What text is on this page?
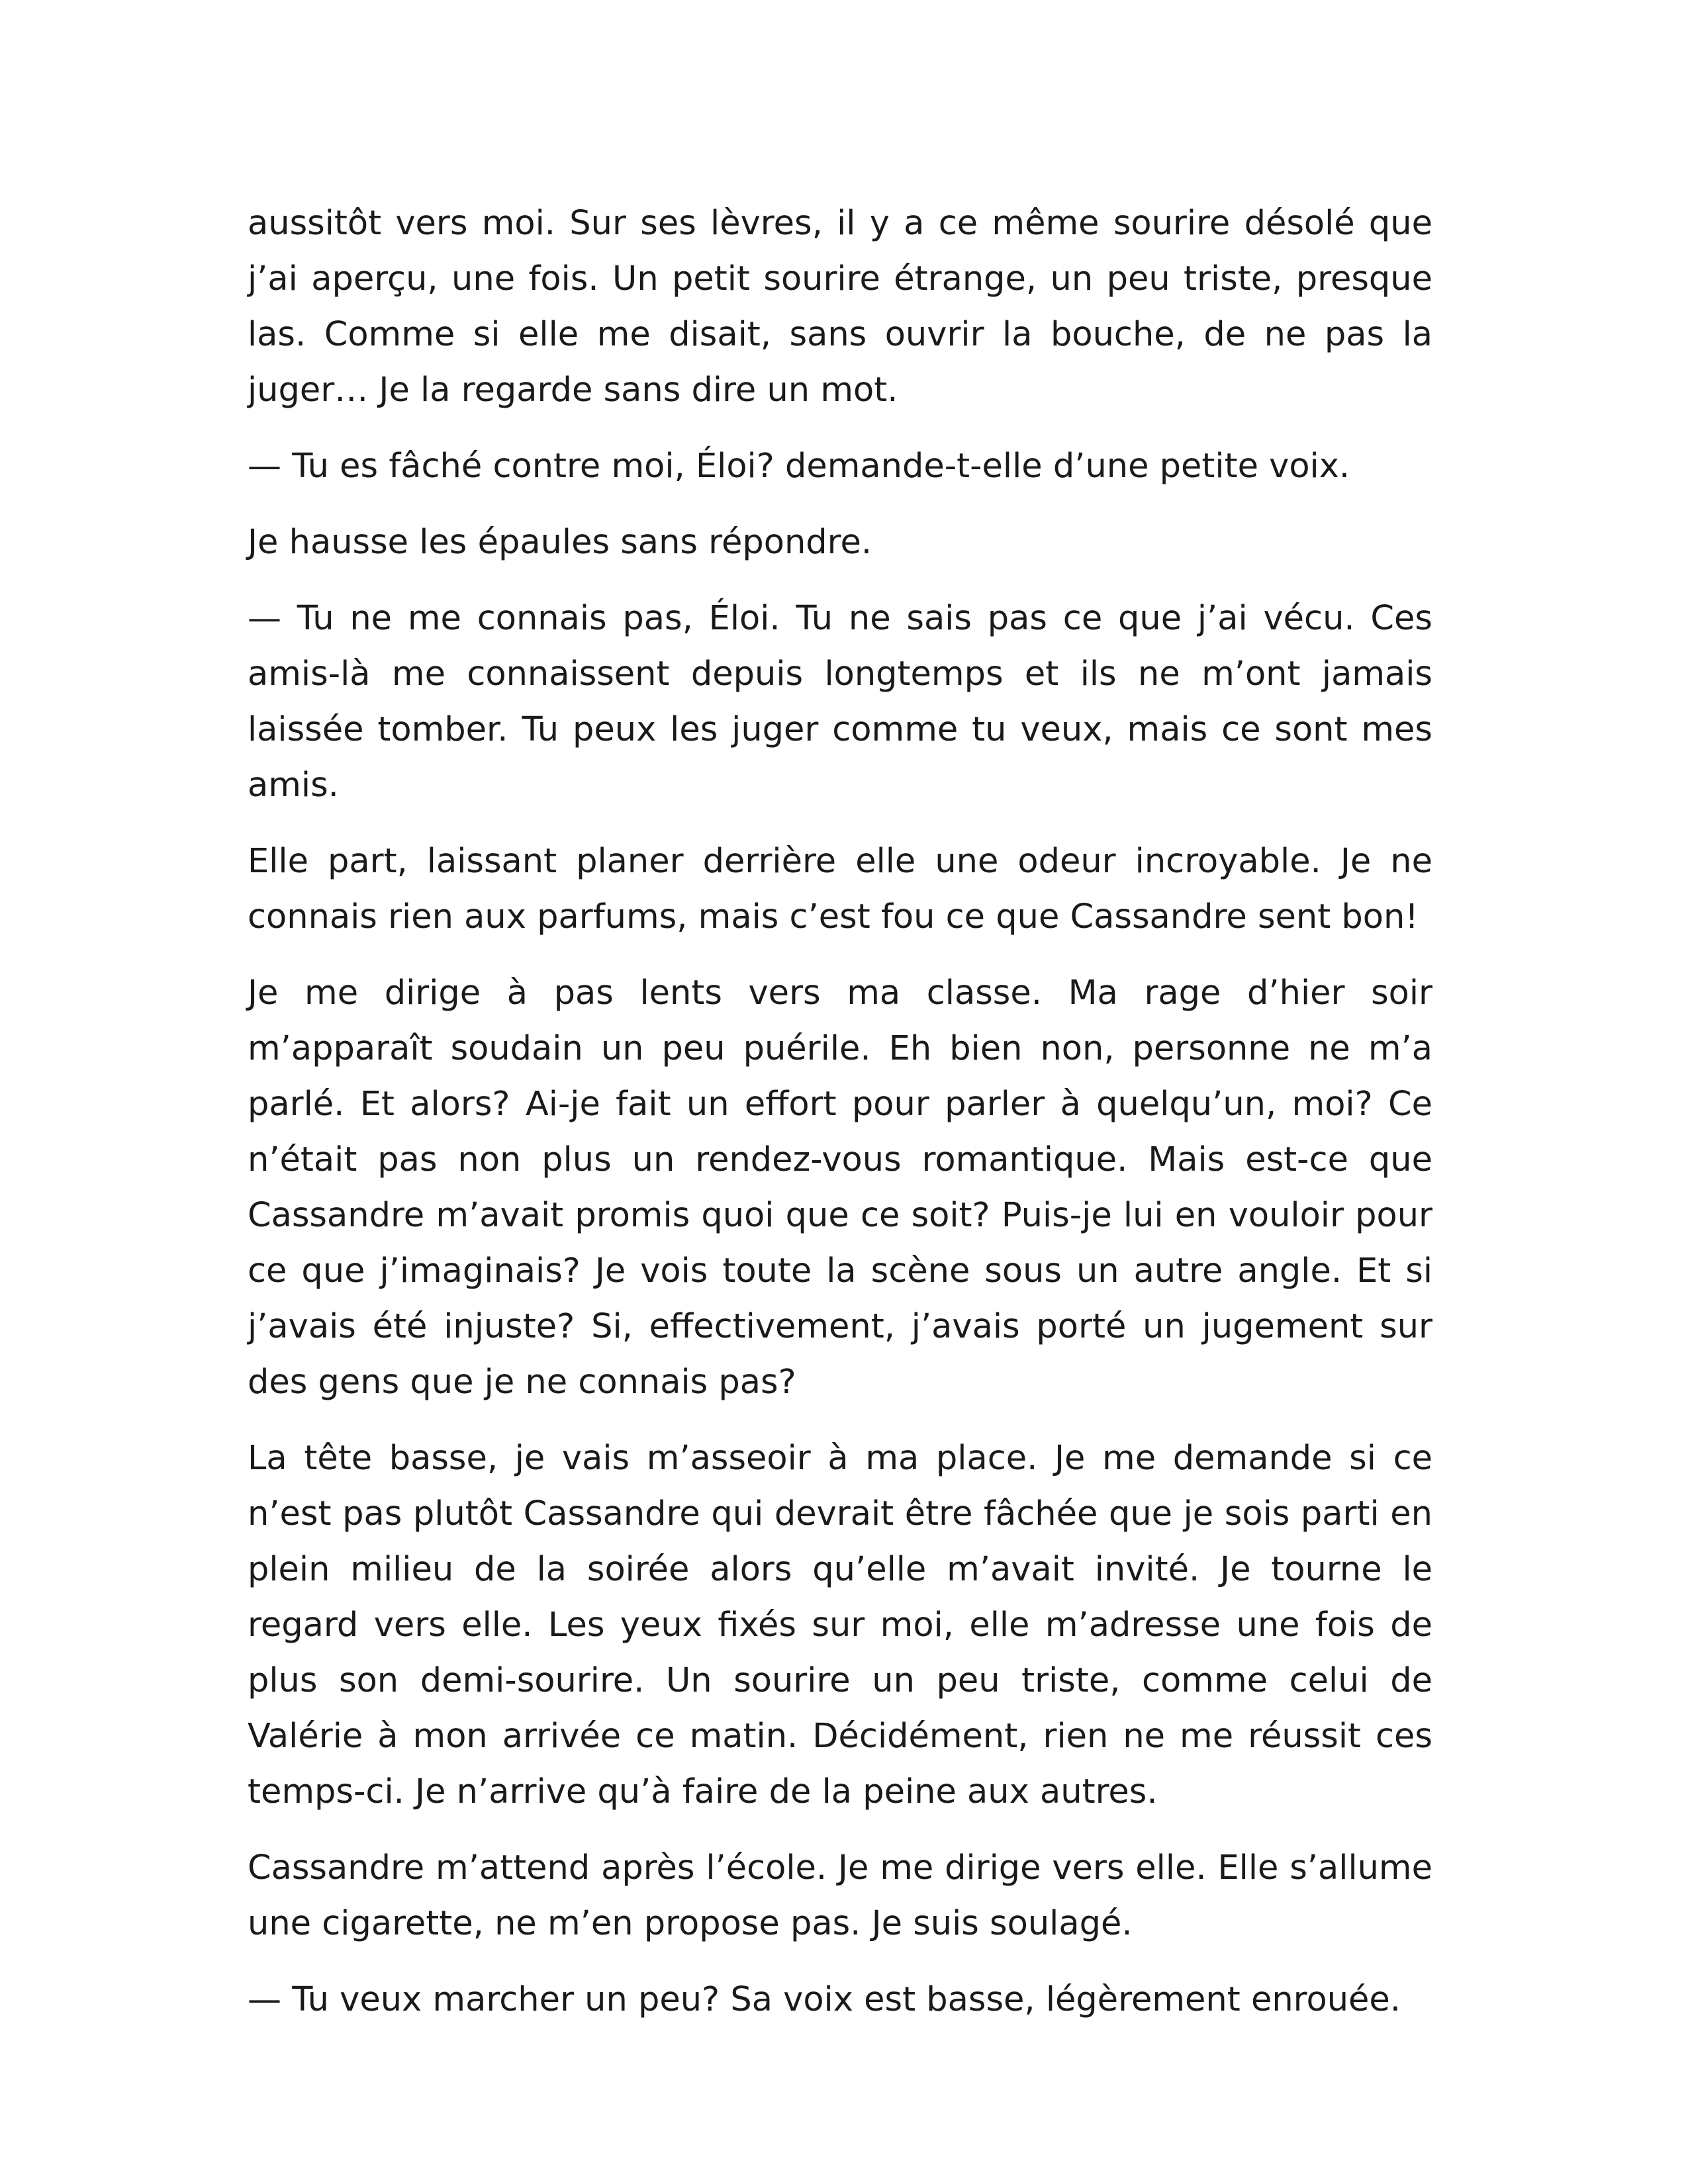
aussitôt vers moi. Sur ses lèvres, il y a ce même sourire désolé que j’ai aperçu, une fois. Un petit sourire étrange, un peu triste, presque las. Comme si elle me disait, sans ouvrir la bouche, de ne pas la juger… Je la regarde sans dire un mot.

— Tu es fâché contre moi, Éloi? demande-t-elle d’une petite voix.

Je hausse les épaules sans répondre.

— Tu ne me connais pas, Éloi. Tu ne sais pas ce que j’ai vécu. Ces amis-là me connaissent depuis longtemps et ils ne m’ont jamais laissée tomber. Tu peux les juger comme tu veux, mais ce sont mes amis.

Elle part, laissant planer derrière elle une odeur incroyable. Je ne connais rien aux parfums, mais c’est fou ce que Cassandre sent bon!

Je me dirige à pas lents vers ma classe. Ma rage d’hier soir m’apparaît soudain un peu puérile. Eh bien non, personne ne m’a parlé. Et alors? Ai-je fait un effort pour parler à quelqu’un, moi? Ce n’était pas non plus un rendez-vous romantique. Mais est-ce que Cassandre m’avait promis quoi que ce soit? Puis-je lui en vouloir pour ce que j’imaginais? Je vois toute la scène sous un autre angle. Et si j’avais été injuste? Si, effectivement, j’avais porté un jugement sur des gens que je ne connais pas?

La tête basse, je vais m’asseoir à ma place. Je me demande si ce n’est pas plutôt Cassandre qui devrait être fâchée que je sois parti en plein milieu de la soirée alors qu’elle m’avait invité. Je tourne le regard vers elle. Les yeux fixés sur moi, elle m’adresse une fois de plus son demi-sourire. Un sourire un peu triste, comme celui de Valérie à mon arrivée ce matin. Décidément, rien ne me réussit ces temps-ci. Je n’arrive qu’à faire de la peine aux autres.

Cassandre m’attend après l’école. Je me dirige vers elle. Elle s’allume une cigarette, ne m’en propose pas. Je suis soulagé.

— Tu veux marcher un peu? Sa voix est basse, légèrement enrouée.
